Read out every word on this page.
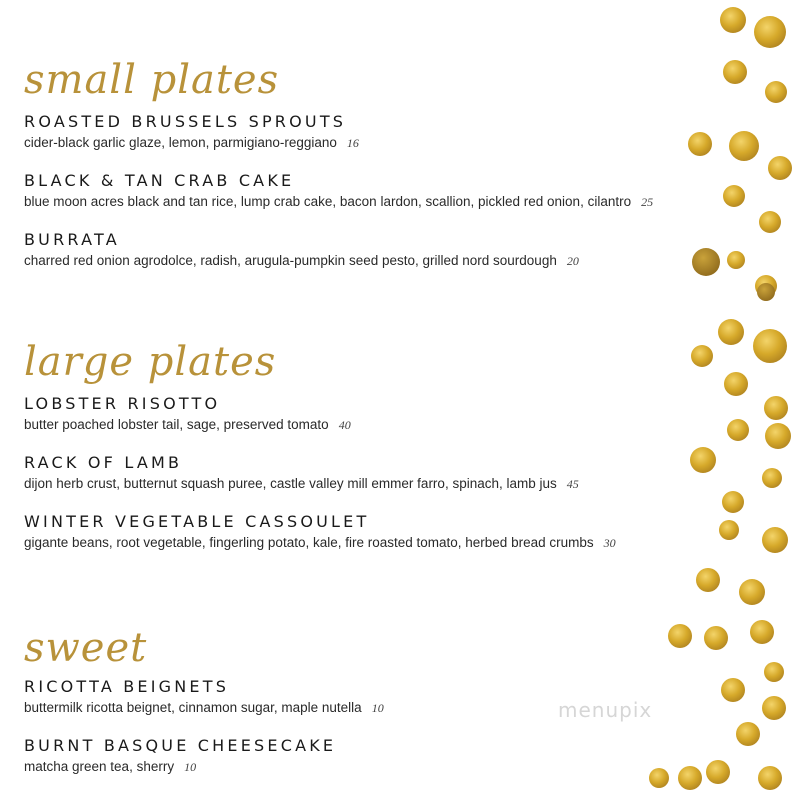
small plates
ROASTED BRUSSELS SPROUTS
cider-black garlic glaze, lemon, parmigiano-reggiano 16
BLACK & TAN CRAB CAKE
blue moon acres black and tan rice, lump crab cake, bacon lardon, scallion, pickled red onion, cilantro 25
BURRATA
charred red onion agrodolce, radish, arugula-pumpkin seed pesto, grilled nord sourdough 20
large plates
LOBSTER RISOTTO
butter poached lobster tail, sage, preserved tomato 40
RACK OF LAMB
dijon herb crust, butternut squash puree, castle valley mill emmer farro, spinach, lamb jus 45
WINTER VEGETABLE CASSOULET
gigante beans, root vegetable, fingerling potato, kale, fire roasted tomato, herbed bread crumbs 30
sweet
RICOTTA BEIGNETS
buttermilk ricotta beignet, cinnamon sugar, maple nutella 10
BURNT BASQUE CHEESECAKE
matcha green tea, sherry 10
menupix
